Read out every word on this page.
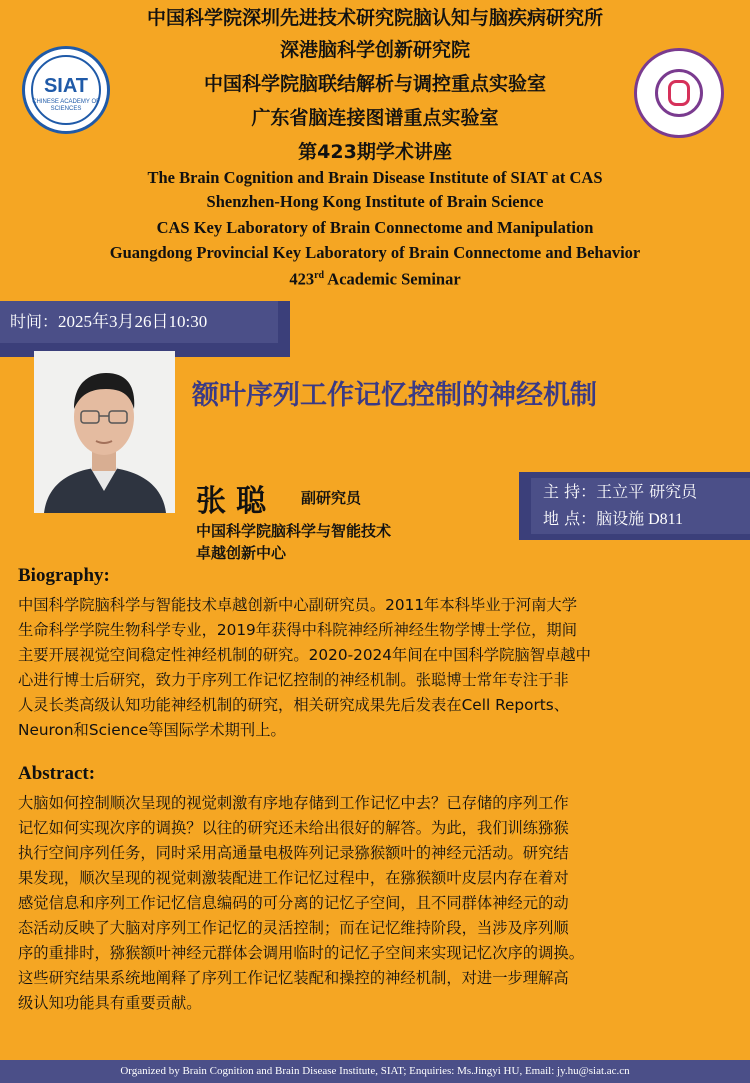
中国科学院深圳先进技术研究院脑认知与脑疾病研究所
深港脑科学创新研究院
中国科学院脑联结解析与调控重点实验室
广东省脑连接图谱重点实验室
第423期学术讲座
The Brain Cognition and Brain Disease Institute of SIAT at CAS
Shenzhen-Hong Kong Institute of Brain Science
CAS Key Laboratory of Brain Connectome and Manipulation
Guangdong Provincial Key Laboratory of Brain Connectome and Behavior
423rd Academic Seminar
SIAT
CHINESE ACADEMY OF SCIENCES
时间：2025年3月26日10:30
额叶序列工作记忆控制的神经机制
张聪 副研究员
中国科学院脑科学与智能技术
卓越创新中心
主 持：王立平 研究员
地 点：脑设施 D811
Biography:
中国科学院脑科学与智能技术卓越创新中心副研究员。2011年本科毕业于河南大学
生命科学学院生物科学专业，2019年获得中科院神经所神经生物学博士学位，期间
主要开展视觉空间稳定性神经机制的研究。2020-2024年间在中国科学院脑智卓越中
心进行博士后研究，致力于序列工作记忆控制的神经机制。张聪博士常年专注于非
人灵长类高级认知功能神经机制的研究，相关研究成果先后发表在Cell Reports、
Neuron和Science等国际学术期刊上。
Abstract:
大脑如何控制顺次呈现的视觉刺激有序地存储到工作记忆中去？已存储的序列工作
记忆如何实现次序的调换？以往的研究还未给出很好的解答。为此，我们训练猕猴
执行空间序列任务，同时采用高通量电极阵列记录猕猴额叶的神经元活动。研究结
果发现，顺次呈现的视觉刺激装配进工作记忆过程中，在猕猴额叶皮层内存在着对
感觉信息和序列工作记忆信息编码的可分离的记忆子空间，且不同群体神经元的动
态活动反映了大脑对序列工作记忆的灵活控制；而在记忆维持阶段，当涉及序列顺
序的重排时，猕猴额叶神经元群体会调用临时的记忆子空间来实现记忆次序的调换。
这些研究结果系统地阐释了序列工作记忆装配和操控的神经机制，对进一步理解高
级认知功能具有重要贡献。
Organized by Brain Cognition and Brain Disease Institute, SIAT; Enquiries: Ms.Jingyi HU, Email: jy.hu@siat.ac.cn
